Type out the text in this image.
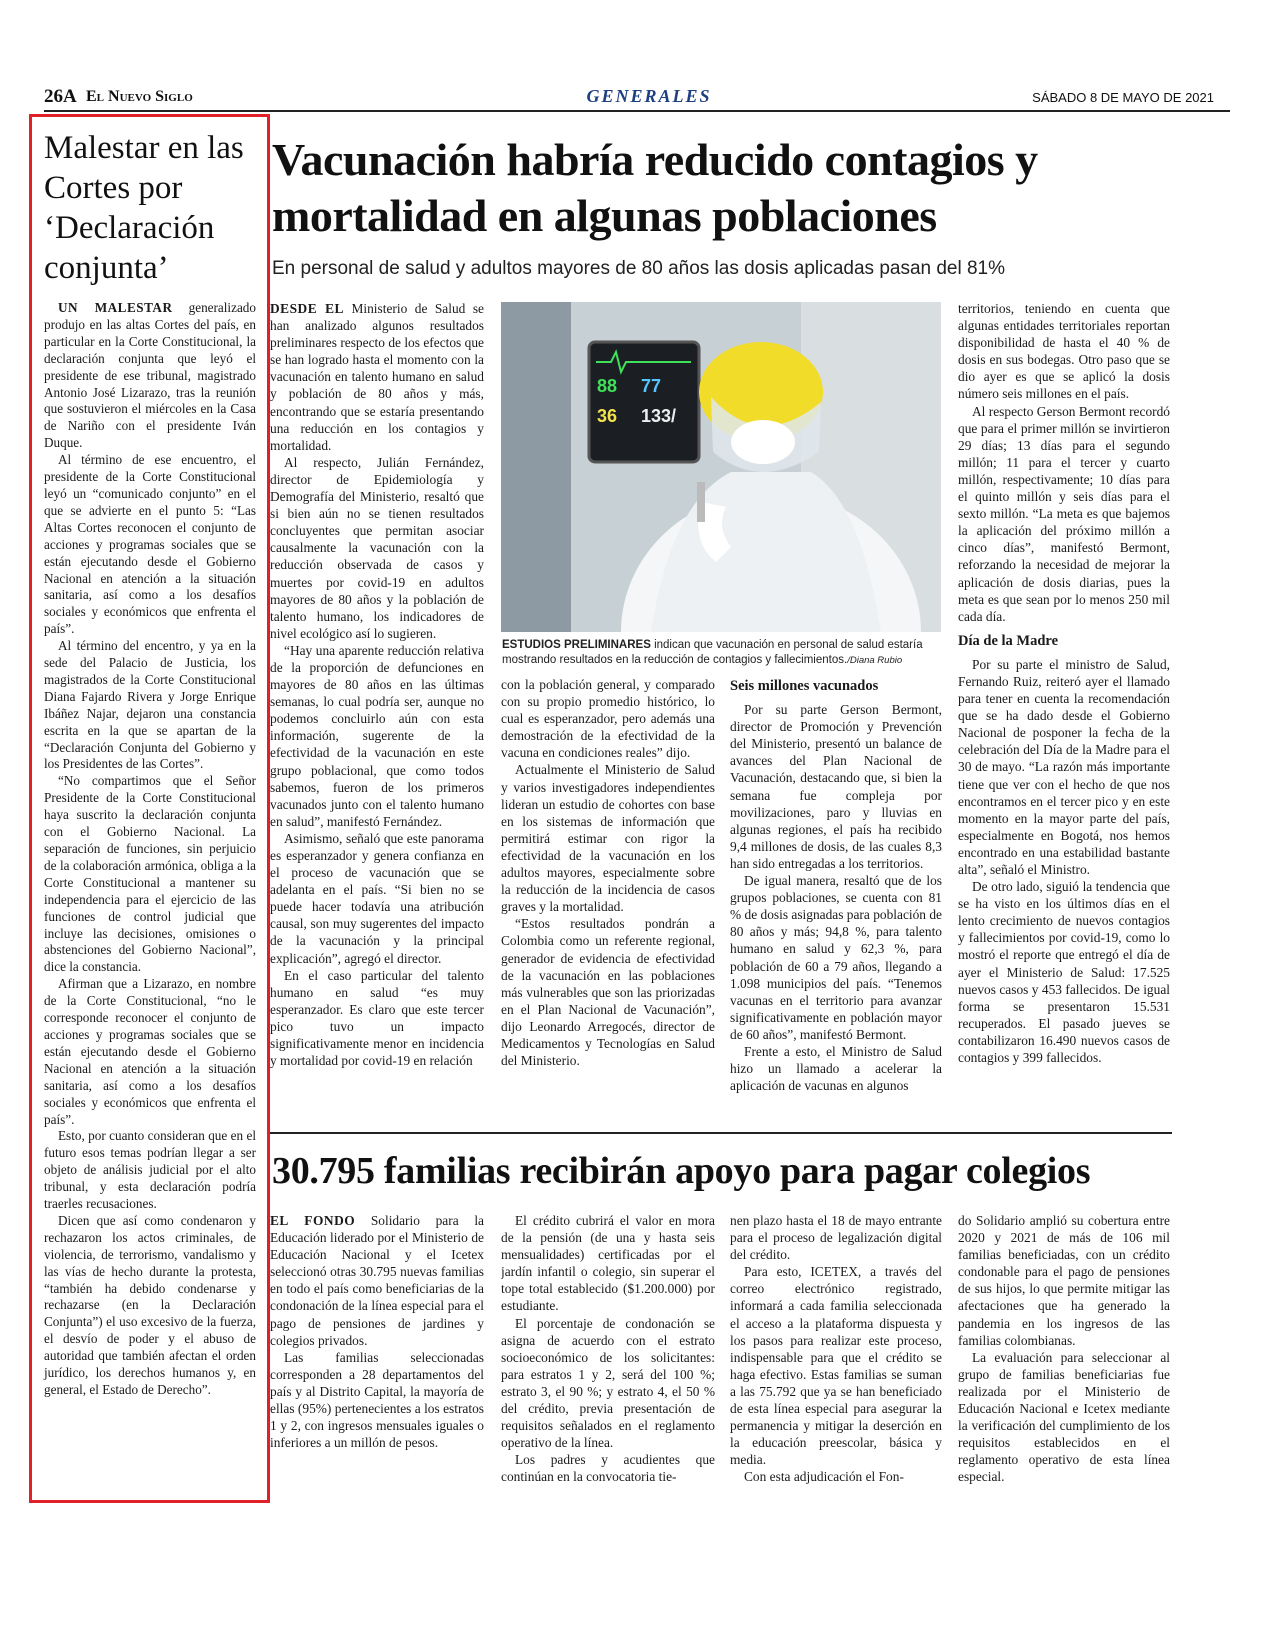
26A El Nuevo Siglo	GENERALES	SÁBADO 8 DE MAYO DE 2021
Malestar en las Cortes por ‘Declaración conjunta’

UN MALESTAR generalizado produjo en las altas Cortes del país, en particular en la Corte Constitucional, la declaración conjunta que leyó el presidente de ese tribunal, magistrado Antonio José Lizarazo, tras la reunión que sostuvieron el miércoles en la Casa de Nariño con el presidente Iván Duque.

Al término de ese encuentro, el presidente de la Corte Constitucional leyó un “comunicado conjunto” en el que se advierte en el punto 5: “Las Altas Cortes reconocen el conjunto de acciones y programas sociales que se están ejecutando desde el Gobierno Nacional en atención a la situación sanitaria, así como a los desafíos sociales y económicos que enfrenta el país”.

Al término del encentro, y ya en la sede del Palacio de Justicia, los magistrados de la Corte Constitucional Diana Fajardo Rivera y Jorge Enrique Ibáñez Najar, dejaron una constancia escrita en la que se apartan de la “Declaración Conjunta del Gobierno y los Presidentes de las Cortes”.

“No compartimos que el Señor Presidente de la Corte Constitucional haya suscrito la declaración conjunta con el Gobierno Nacional. La separación de funciones, sin perjuicio de la colaboración armónica, obliga a la Corte Constitucional a mantener su independencia para el ejercicio de las funciones de control judicial que incluye las decisiones, omisiones o abstenciones del Gobierno Nacional”, dice la constancia.

Afirman que a Lizarazo, en nombre de la Corte Constitucional, “no le corresponde reconocer el conjunto de acciones y programas sociales que se están ejecutando desde el Gobierno Nacional en atención a la situación sanitaria, así como a los desafíos sociales y económicos que enfrenta el país”.

Esto, por cuanto consideran que en el futuro esos temas podrían llegar a ser objeto de análisis judicial por el alto tribunal, y esta declaración podría traerles recusaciones.

Dicen que así como condenaron y rechazaron los actos criminales, de violencia, de terrorismo, vandalismo y las vías de hecho durante la protesta, “también ha debido condenarse y rechazarse (en la Declaración Conjunta”) el uso excesivo de la fuerza, el desvío de poder y el abuso de autoridad que también afectan el orden jurídico, los derechos humanos y, en general, el Estado de Derecho”.

Vacunación habría reducido contagios y mortalidad en algunas poblaciones
En personal de salud y adultos mayores de 80 años las dosis aplicadas pasan del 81%

DESDE EL Ministerio de Salud se han analizado algunos resultados preliminares respecto de los efectos que se han logrado hasta el momento con la vacunación en talento humano en salud y población de 80 años y más, encontrando que se estaría presentando una reducción en los contagios y mortalidad.

Al respecto, Julián Fernández, director de Epidemiología y Demografía del Ministerio, resaltó que si bien aún no se tienen resultados concluyentes que permitan asociar causalmente la vacunación con la reducción observada de casos y muertes por covid-19 en adultos mayores de 80 años y la población de talento humano, los indicadores de nivel ecológico así lo sugieren.

“Hay una aparente reducción relativa de la proporción de defunciones en mayores de 80 años en las últimas semanas, lo cual podría ser, aunque no podemos concluirlo aún con esta información, sugerente de la efectividad de la vacunación en este grupo poblacional, que como todos sabemos, fueron de los primeros vacunados junto con el talento humano en salud”, manifestó Fernández.

Asimismo, señaló que este panorama es esperanzador y genera confianza en el proceso de vacunación que se adelanta en el país. “Si bien no se puede hacer todavía una atribución causal, son muy sugerentes del impacto de la vacunación y la principal explicación”, agregó el director.

En el caso particular del talento humano en salud “es muy esperanzador. Es claro que este tercer pico tuvo un impacto significativamente menor en incidencia y mortalidad por covid-19 en relación

88 77
36 133/
ESTUDIOS PRELIMINARES indican que vacunación en personal de salud estaría mostrando resultados en la reducción de contagios y fallecimientos./Diana Rubio

con la población general, y comparado con su propio promedio histórico, lo cual es esperanzador, pero además una demostración de la efectividad de la vacuna en condiciones reales” dijo.

Actualmente el Ministerio de Salud y varios investigadores independientes lideran un estudio de cohortes con base en los sistemas de información que permitirá estimar con rigor la efectividad de la vacunación en los adultos mayores, especialmente sobre la reducción de la incidencia de casos graves y la mortalidad.

“Estos resultados pondrán a Colombia como un referente regional, generador de evidencia de efectividad de la vacunación en las poblaciones más vulnerables que son las priorizadas en el Plan Nacional de Vacunación”, dijo Leonardo Arregocés, director de Medicamentos y Tecnologías en Salud del Ministerio.

Seis millones vacunados

Por su parte Gerson Bermont, director de Promoción y Prevención del Ministerio, presentó un balance de avances del Plan Nacional de Vacunación, destacando que, si bien la semana fue compleja por movilizaciones, paro y lluvias en algunas regiones, el país ha recibido 9,4 millones de dosis, de las cuales 8,3 han sido entregadas a los territorios.

De igual manera, resaltó que de los grupos poblaciones, se cuenta con 81 % de dosis asignadas para población de 80 años y más; 94,8 %, para talento humano en salud y 62,3 %, para población de 60 a 79 años, llegando a 1.098 municipios del país. “Tenemos vacunas en el territorio para avanzar significativamente en población mayor de 60 años”, manifestó Bermont.

Frente a esto, el Ministro de Salud hizo un llamado a acelerar la aplicación de vacunas en algunos

territorios, teniendo en cuenta que algunas entidades territoriales reportan disponibilidad de hasta el 40 % de dosis en sus bodegas. Otro paso que se dio ayer es que se aplicó la dosis número seis millones en el país.

Al respecto Gerson Bermont recordó que para el primer millón se invirtieron 29 días; 13 días para el segundo millón; 11 para el tercer y cuarto millón, respectivamente; 10 días para el quinto millón y seis días para el sexto millón. “La meta es que bajemos la aplicación del próximo millón a cinco días”, manifestó Bermont, reforzando la necesidad de mejorar la aplicación de dosis diarias, pues la meta es que sean por lo menos 250 mil cada día.

Día de la Madre

Por su parte el ministro de Salud, Fernando Ruiz, reiteró ayer el llamado para tener en cuenta la recomendación que se ha dado desde el Gobierno Nacional de posponer la fecha de la celebración del Día de la Madre para el 30 de mayo. “La razón más importante tiene que ver con el hecho de que nos encontramos en el tercer pico y en este momento en la mayor parte del país, especialmente en Bogotá, nos hemos encontrado en una estabilidad bastante alta”, señaló el Ministro.

De otro lado, siguió la tendencia que se ha visto en los últimos días en el lento crecimiento de nuevos contagios y fallecimientos por covid-19, como lo mostró el reporte que entregó el día de ayer el Ministerio de Salud: 17.525 nuevos casos y 453 fallecidos. De igual forma se presentaron 15.531 recuperados. El pasado jueves se contabilizaron 16.490 nuevos casos de contagios y 399 fallecidos.

30.795 familias recibirán apoyo para pagar colegios

EL FONDO Solidario para la Educación liderado por el Ministerio de Educación Nacional y el Icetex seleccionó otras 30.795 nuevas familias en todo el país como beneficiarias de la condonación de la línea especial para el pago de pensiones de jardines y colegios privados.

Las familias seleccionadas corresponden a 28 departamentos del país y al Distrito Capital, la mayoría de ellas (95%) pertenecientes a los estratos 1 y 2, con ingresos mensuales iguales o inferiores a un millón de pesos.

El crédito cubrirá el valor en mora de la pensión (de una y hasta seis mensualidades) certificadas por el jardín infantil o colegio, sin superar el tope total establecido ($1.200.000) por estudiante.

El porcentaje de condonación se asigna de acuerdo con el estrato socioeconómico de los solicitantes: para estratos 1 y 2, será del 100 %; estrato 3, el 90 %; y estrato 4, el 50 % del crédito, previa presentación de requisitos señalados en el reglamento operativo de la línea.

Los padres y acudientes que continúan en la convocatoria tie-

nen plazo hasta el 18 de mayo entrante para el proceso de legalización digital del crédito.

Para esto, ICETEX, a través del correo electrónico registrado, informará a cada familia seleccionada el acceso a la plataforma dispuesta y los pasos para realizar este proceso, indispensable para que el crédito se haga efectivo. Estas familias se suman a las 75.792 que ya se han beneficiado de esta línea especial para asegurar la permanencia y mitigar la deserción en la educación preescolar, básica y media.

Con esta adjudicación el Fon-

do Solidario amplió su cobertura entre 2020 y 2021 de más de 106 mil familias beneficiadas, con un crédito condonable para el pago de pensiones de sus hijos, lo que permite mitigar las afectaciones que ha generado la pandemia en los ingresos de las familias colombianas.

La evaluación para seleccionar al grupo de familias beneficiarias fue realizada por el Ministerio de Educación Nacional e Icetex mediante la verificación del cumplimiento de los requisitos establecidos en el reglamento operativo de esta línea especial.
